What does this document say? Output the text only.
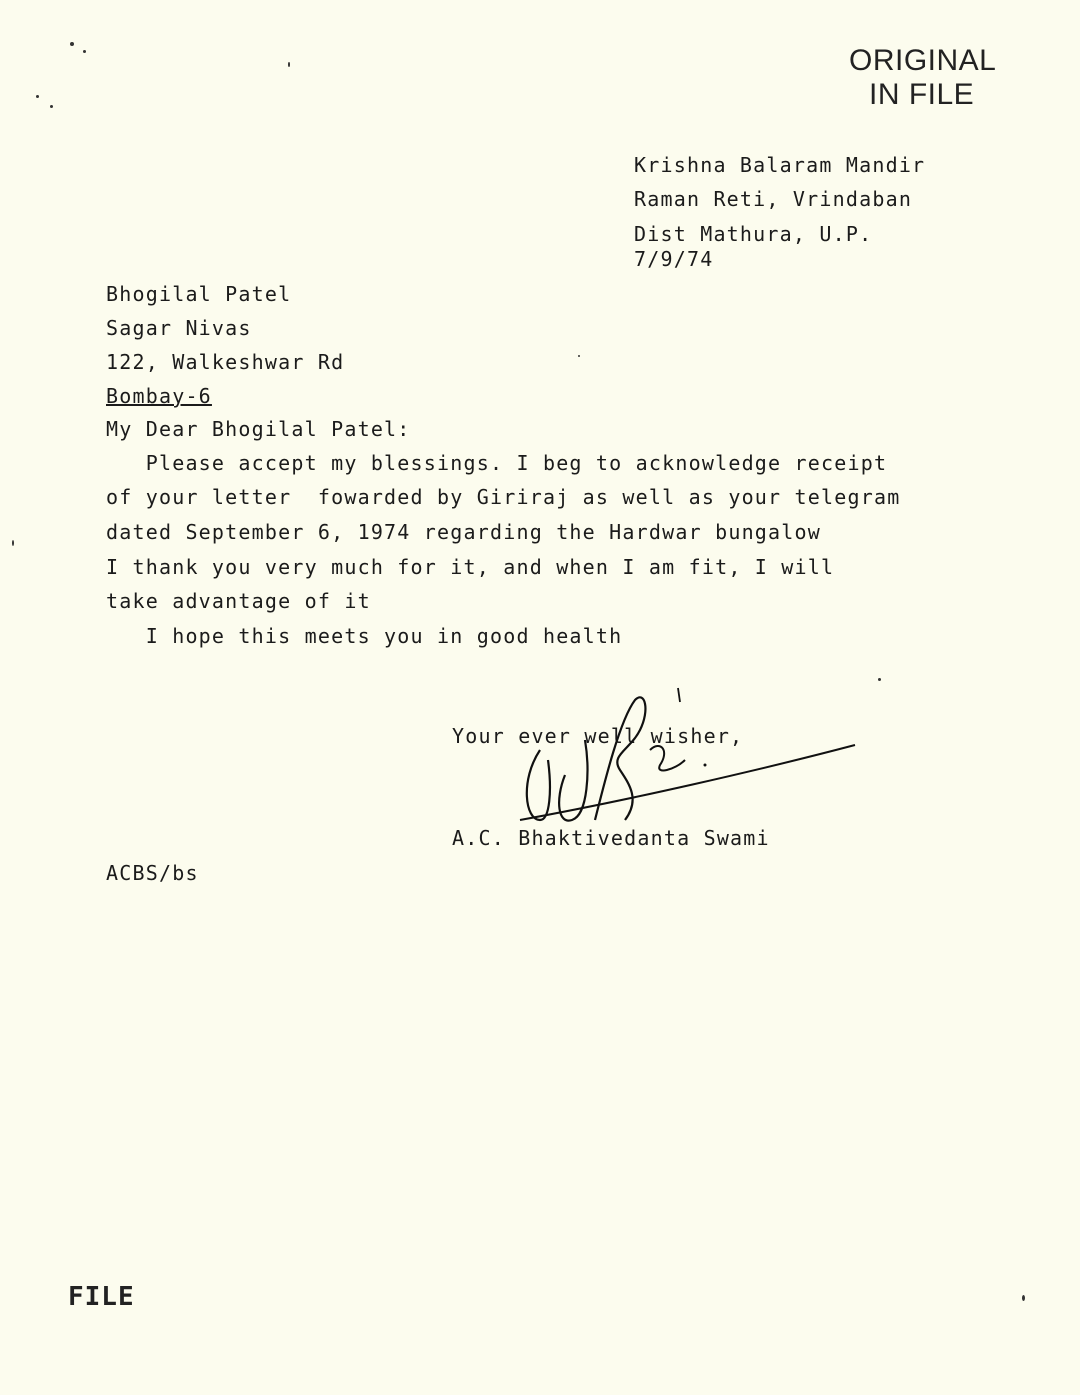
ORIGINAL
IN FILE
Krishna Balaram Mandir
Raman Reti, Vrindaban
Dist Mathura, U.P.
7/9/74
Bhogilal Patel
Sagar Nivas
122, Walkeshwar Rd
Bombay-6
My Dear Bhogilal Patel:
Please accept my blessings. I beg to acknowledge receipt
of your letter  fowarded by Giriraj as well as your telegram
dated September 6, 1974 regarding the Hardwar bungalow
I thank you very much for it, and when I am fit, I will
take advantage of it
I hope this meets you in good health
Your ever well wisher,
A.C. Bhaktivedanta Swami
ACBS/bs
FILE
